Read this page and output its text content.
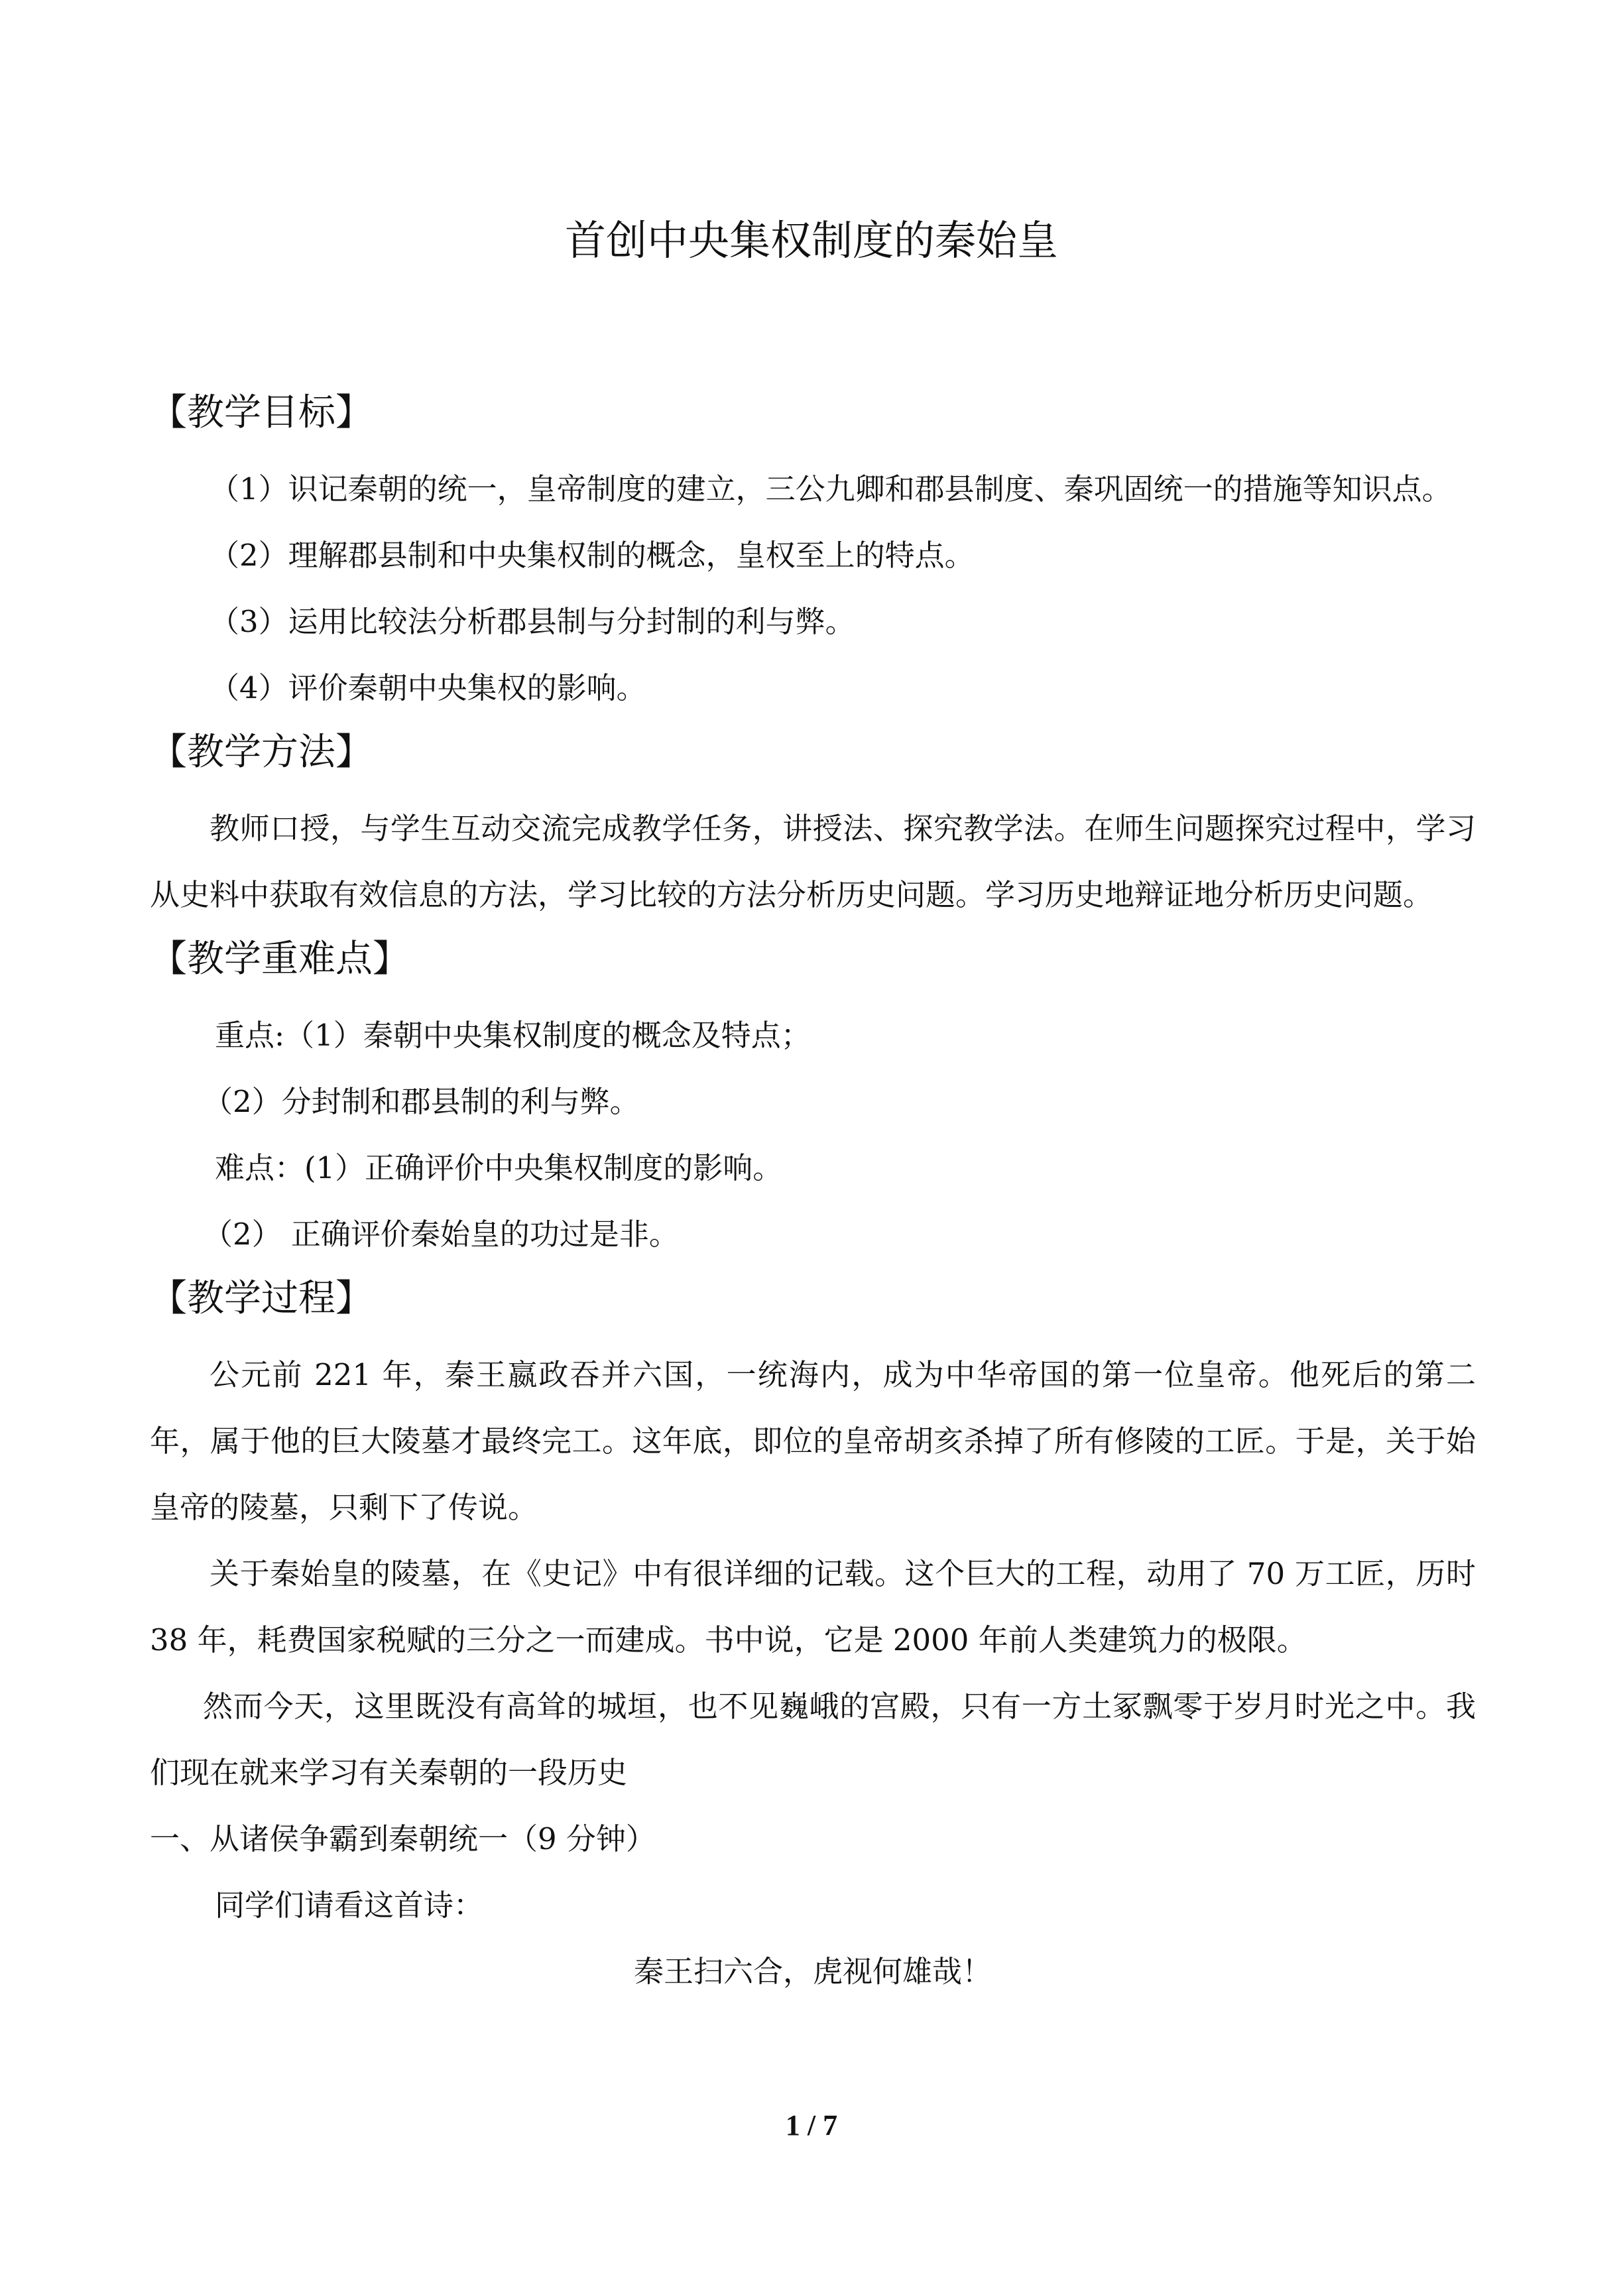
首创中央集权制度的秦始皇
【教学目标】
（1）识记秦朝的统一，皇帝制度的建立，三公九卿和郡县制度、秦巩固统一的措施等知识点。
（2）理解郡县制和中央集权制的概念，皇权至上的特点。
（3）运用比较法分析郡县制与分封制的利与弊。
（4）评价秦朝中央集权的影响。
【教学方法】
教师口授，与学生互动交流完成教学任务，讲授法、探究教学法。在师生问题探究过程中，学习从史料中获取有效信息的方法，学习比较的方法分析历史问题。学习历史地辩证地分析历史问题。
【教学重难点】
重点:（1）秦朝中央集权制度的概念及特点；
（2）分封制和郡县制的利与弊。
难点：(1）正确评价中央集权制度的影响。
（2） 正确评价秦始皇的功过是非。
【教学过程】
公元前 221 年，秦王嬴政吞并六国，一统海内，成为中华帝国的第一位皇帝。他死后的第二年，属于他的巨大陵墓才最终完工。这年底，即位的皇帝胡亥杀掉了所有修陵的工匠。于是，关于始皇帝的陵墓，只剩下了传说。
关于秦始皇的陵墓，在《史记》中有很详细的记载。这个巨大的工程，动用了 70 万工匠，历时 38 年，耗费国家税赋的三分之一而建成。书中说，它是 2000 年前人类建筑力的极限。
然而今天，这里既没有高耸的城垣，也不见巍峨的宫殿，只有一方土冢飘零于岁月时光之中。我们现在就来学习有关秦朝的一段历史
一、从诸侯争霸到秦朝统一（9 分钟）
同学们请看这首诗：
秦王扫六合，虎视何雄哉！
1 / 7
